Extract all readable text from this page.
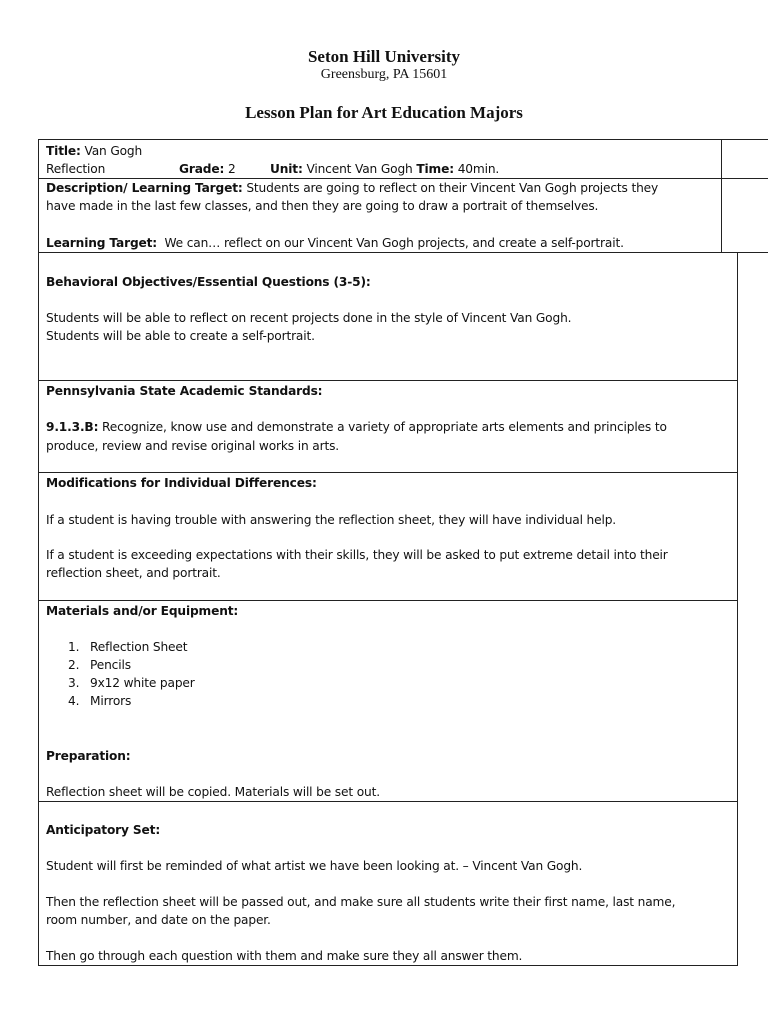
Seton Hill University
Greensburg, PA 15601
Lesson Plan for Art Education Majors
Title: Van Gogh
Reflection	Grade: 2	Unit: Vincent Van Gogh Time: 40min.
Description/ Learning Target: Students are going to reflect on their Vincent Van Gogh projects they
have made in the last few classes, and then they are going to draw a portrait of themselves.
Learning Target: We can… reflect on our Vincent Van Gogh projects, and create a self-portrait.
Behavioral Objectives/Essential Questions (3-5):
Students will be able to reflect on recent projects done in the style of Vincent Van Gogh.
Students will be able to create a self-portrait.
Pennsylvania State Academic Standards:
9.1.3.B: Recognize, know use and demonstrate a variety of appropriate arts elements and principles to
produce, review and revise original works in arts.
Modifications for Individual Differences:
If a student is having trouble with answering the reflection sheet, they will have individual help.
If a student is exceeding expectations with their skills, they will be asked to put extreme detail into their
reflection sheet, and portrait.
Materials and/or Equipment:
1. Reflection Sheet
2. Pencils
3. 9x12 white paper
4. Mirrors
Preparation:
Reflection sheet will be copied. Materials will be set out.
Anticipatory Set:
Student will first be reminded of what artist we have been looking at. – Vincent Van Gogh.
Then the reflection sheet will be passed out, and make sure all students write their first name, last name,
room number, and date on the paper.
Then go through each question with them and make sure they all answer them.
